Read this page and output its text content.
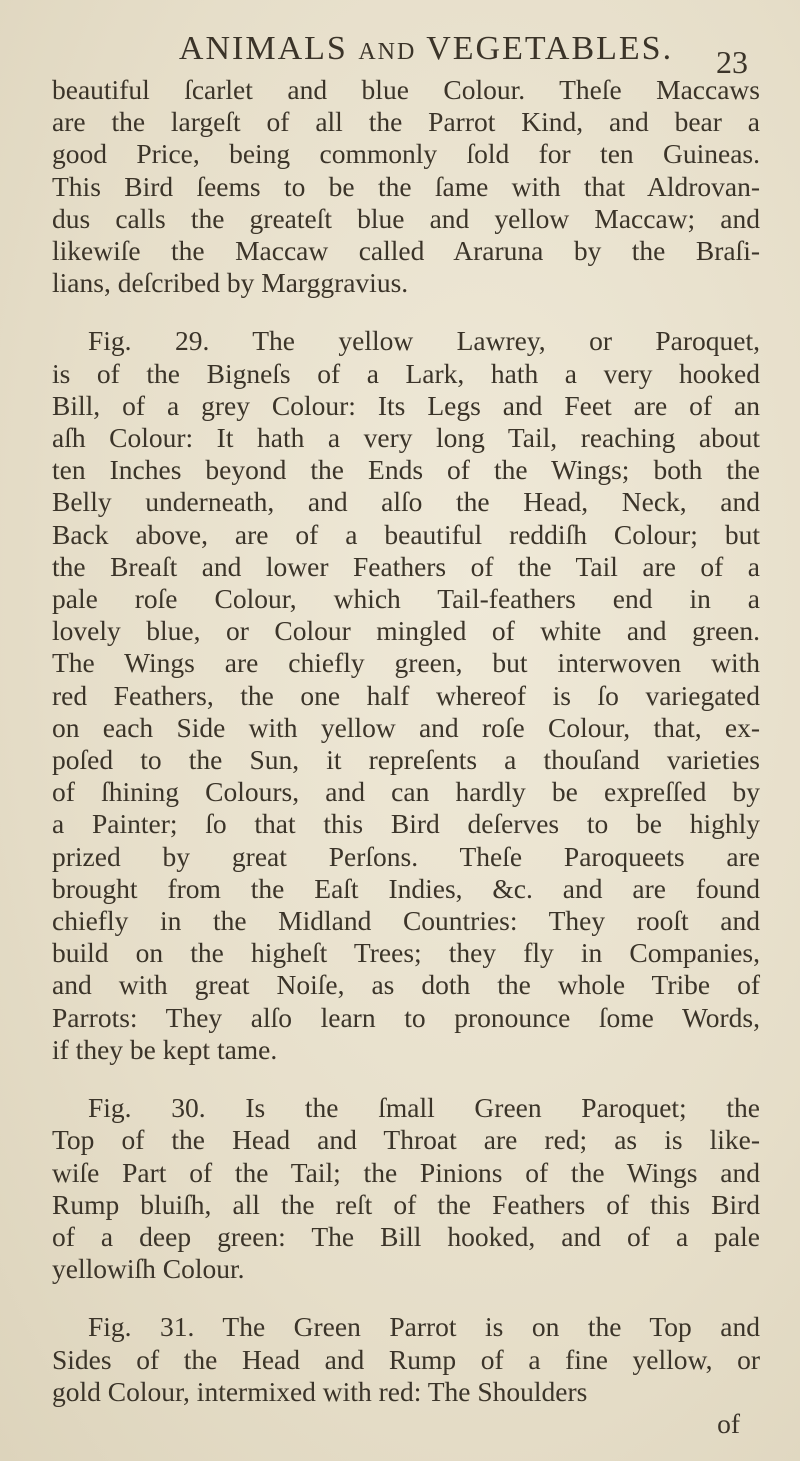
ANIMALS and VEGETABLES. 23

beautiful ſcarlet and blue Colour. Theſe Maccaws
are the largeſt of all the Parrot Kind, and bear a
good Price, being commonly ſold for ten Guineas.
This Bird ſeems to be the ſame with that Aldrovan-
dus calls the greateſt blue and yellow Maccaw; and
likewiſe the Maccaw called Araruna by the Braſi-
lians, deſcribed by Marggravius.

Fig. 29. The yellow Lawrey, or Paroquet,
is of the Bigneſs of a Lark, hath a very hooked
Bill, of a grey Colour: Its Legs and Feet are of an
aſh Colour: It hath a very long Tail, reaching about
ten Inches beyond the Ends of the Wings; both the
Belly underneath, and alſo the Head, Neck, and
Back above, are of a beautiful reddiſh Colour; but
the Breaſt and lower Feathers of the Tail are of a
pale roſe Colour, which Tail-feathers end in a
lovely blue, or Colour mingled of white and green.
The Wings are chiefly green, but interwoven with
red Feathers, the one half whereof is ſo variegated
on each Side with yellow and roſe Colour, that, ex-
poſed to the Sun, it repreſents a thouſand varieties
of ſhining Colours, and can hardly be expreſſed by
a Painter; ſo that this Bird deſerves to be highly
prized by great Perſons. Theſe Paroqueets are
brought from the Eaſt Indies, &c. and are found
chiefly in the Midland Countries: They rooſt and
build on the higheſt Trees; they fly in Companies,
and with great Noiſe, as doth the whole Tribe of
Parrots: They alſo learn to pronounce ſome Words,
if they be kept tame.

Fig. 30. Is the ſmall Green Paroquet; the
Top of the Head and Throat are red; as is like-
wiſe Part of the Tail; the Pinions of the Wings and
Rump bluiſh, all the reſt of the Feathers of this Bird
of a deep green: The Bill hooked, and of a pale
yellowiſh Colour.

Fig. 31. The Green Parrot is on the Top and
Sides of the Head and Rump of a fine yellow, or
gold Colour, intermixed with red: The Shoulders

of
